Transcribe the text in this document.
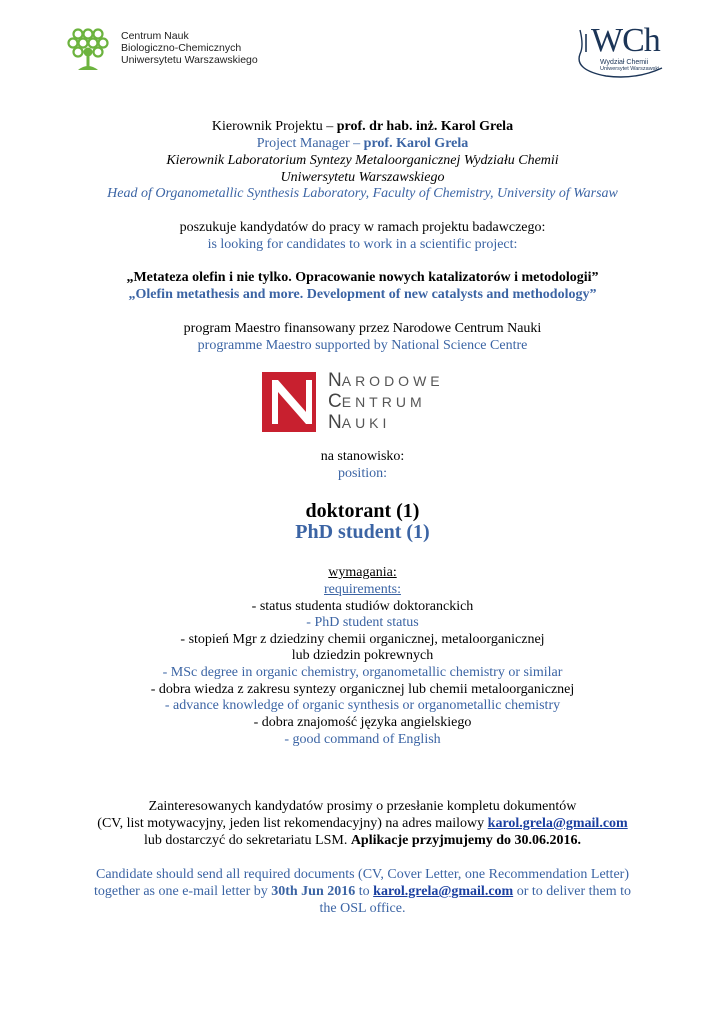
Centrum Nauk
Biologiczno-Chemicznych
Uniwersytetu Warszawskiego
WCh
Wydział Chemii
Uniwersytet Warszawski
Kierownik Projektu – prof. dr hab. inż. Karol Grela
Project Manager – prof. Karol Grela
Kierownik Laboratorium Syntezy Metaloorganicznej Wydziału Chemii
Uniwersytetu Warszawskiego
Head of Organometallic Synthesis Laboratory, Faculty of Chemistry, University of Warsaw
poszukuje kandydatów do pracy w ramach projektu badawczego:
is looking for candidates to work in a scientific project:
„Metateza olefin i nie tylko. Opracowanie nowych katalizatorów i metodologii”
„Olefin metathesis and more. Development of new catalysts and methodology”
program Maestro finansowany przez Narodowe Centrum Nauki
programme Maestro supported by National Science Centre
NARODOWE
CENTRUM
NAUKI
na stanowisko:
position:
doktorant (1)
PhD student (1)
wymagania:
requirements:
- status studenta studiów doktoranckich
- PhD student status
- stopień Mgr z dziedziny chemii organicznej, metaloorganicznej
lub dziedzin pokrewnych
- MSc degree in organic chemistry, organometallic chemistry or similar
- dobra wiedza z zakresu syntezy organicznej lub chemii metaloorganicznej
- advance knowledge of organic synthesis or organometallic chemistry
- dobra znajomość języka angielskiego
- good command of English
Zainteresowanych kandydatów prosimy o przesłanie kompletu dokumentów
(CV, list motywacyjny, jeden list rekomendacyjny) na adres mailowy karol.grela@gmail.com
lub dostarczyć do sekretariatu LSM. Aplikacje przyjmujemy do 30.06.2016.
Candidate should send all required documents (CV, Cover Letter, one Recommendation Letter)
together as one e-mail letter by 30th Jun 2016 to karol.grela@gmail.com or to deliver them to
the OSL office.
